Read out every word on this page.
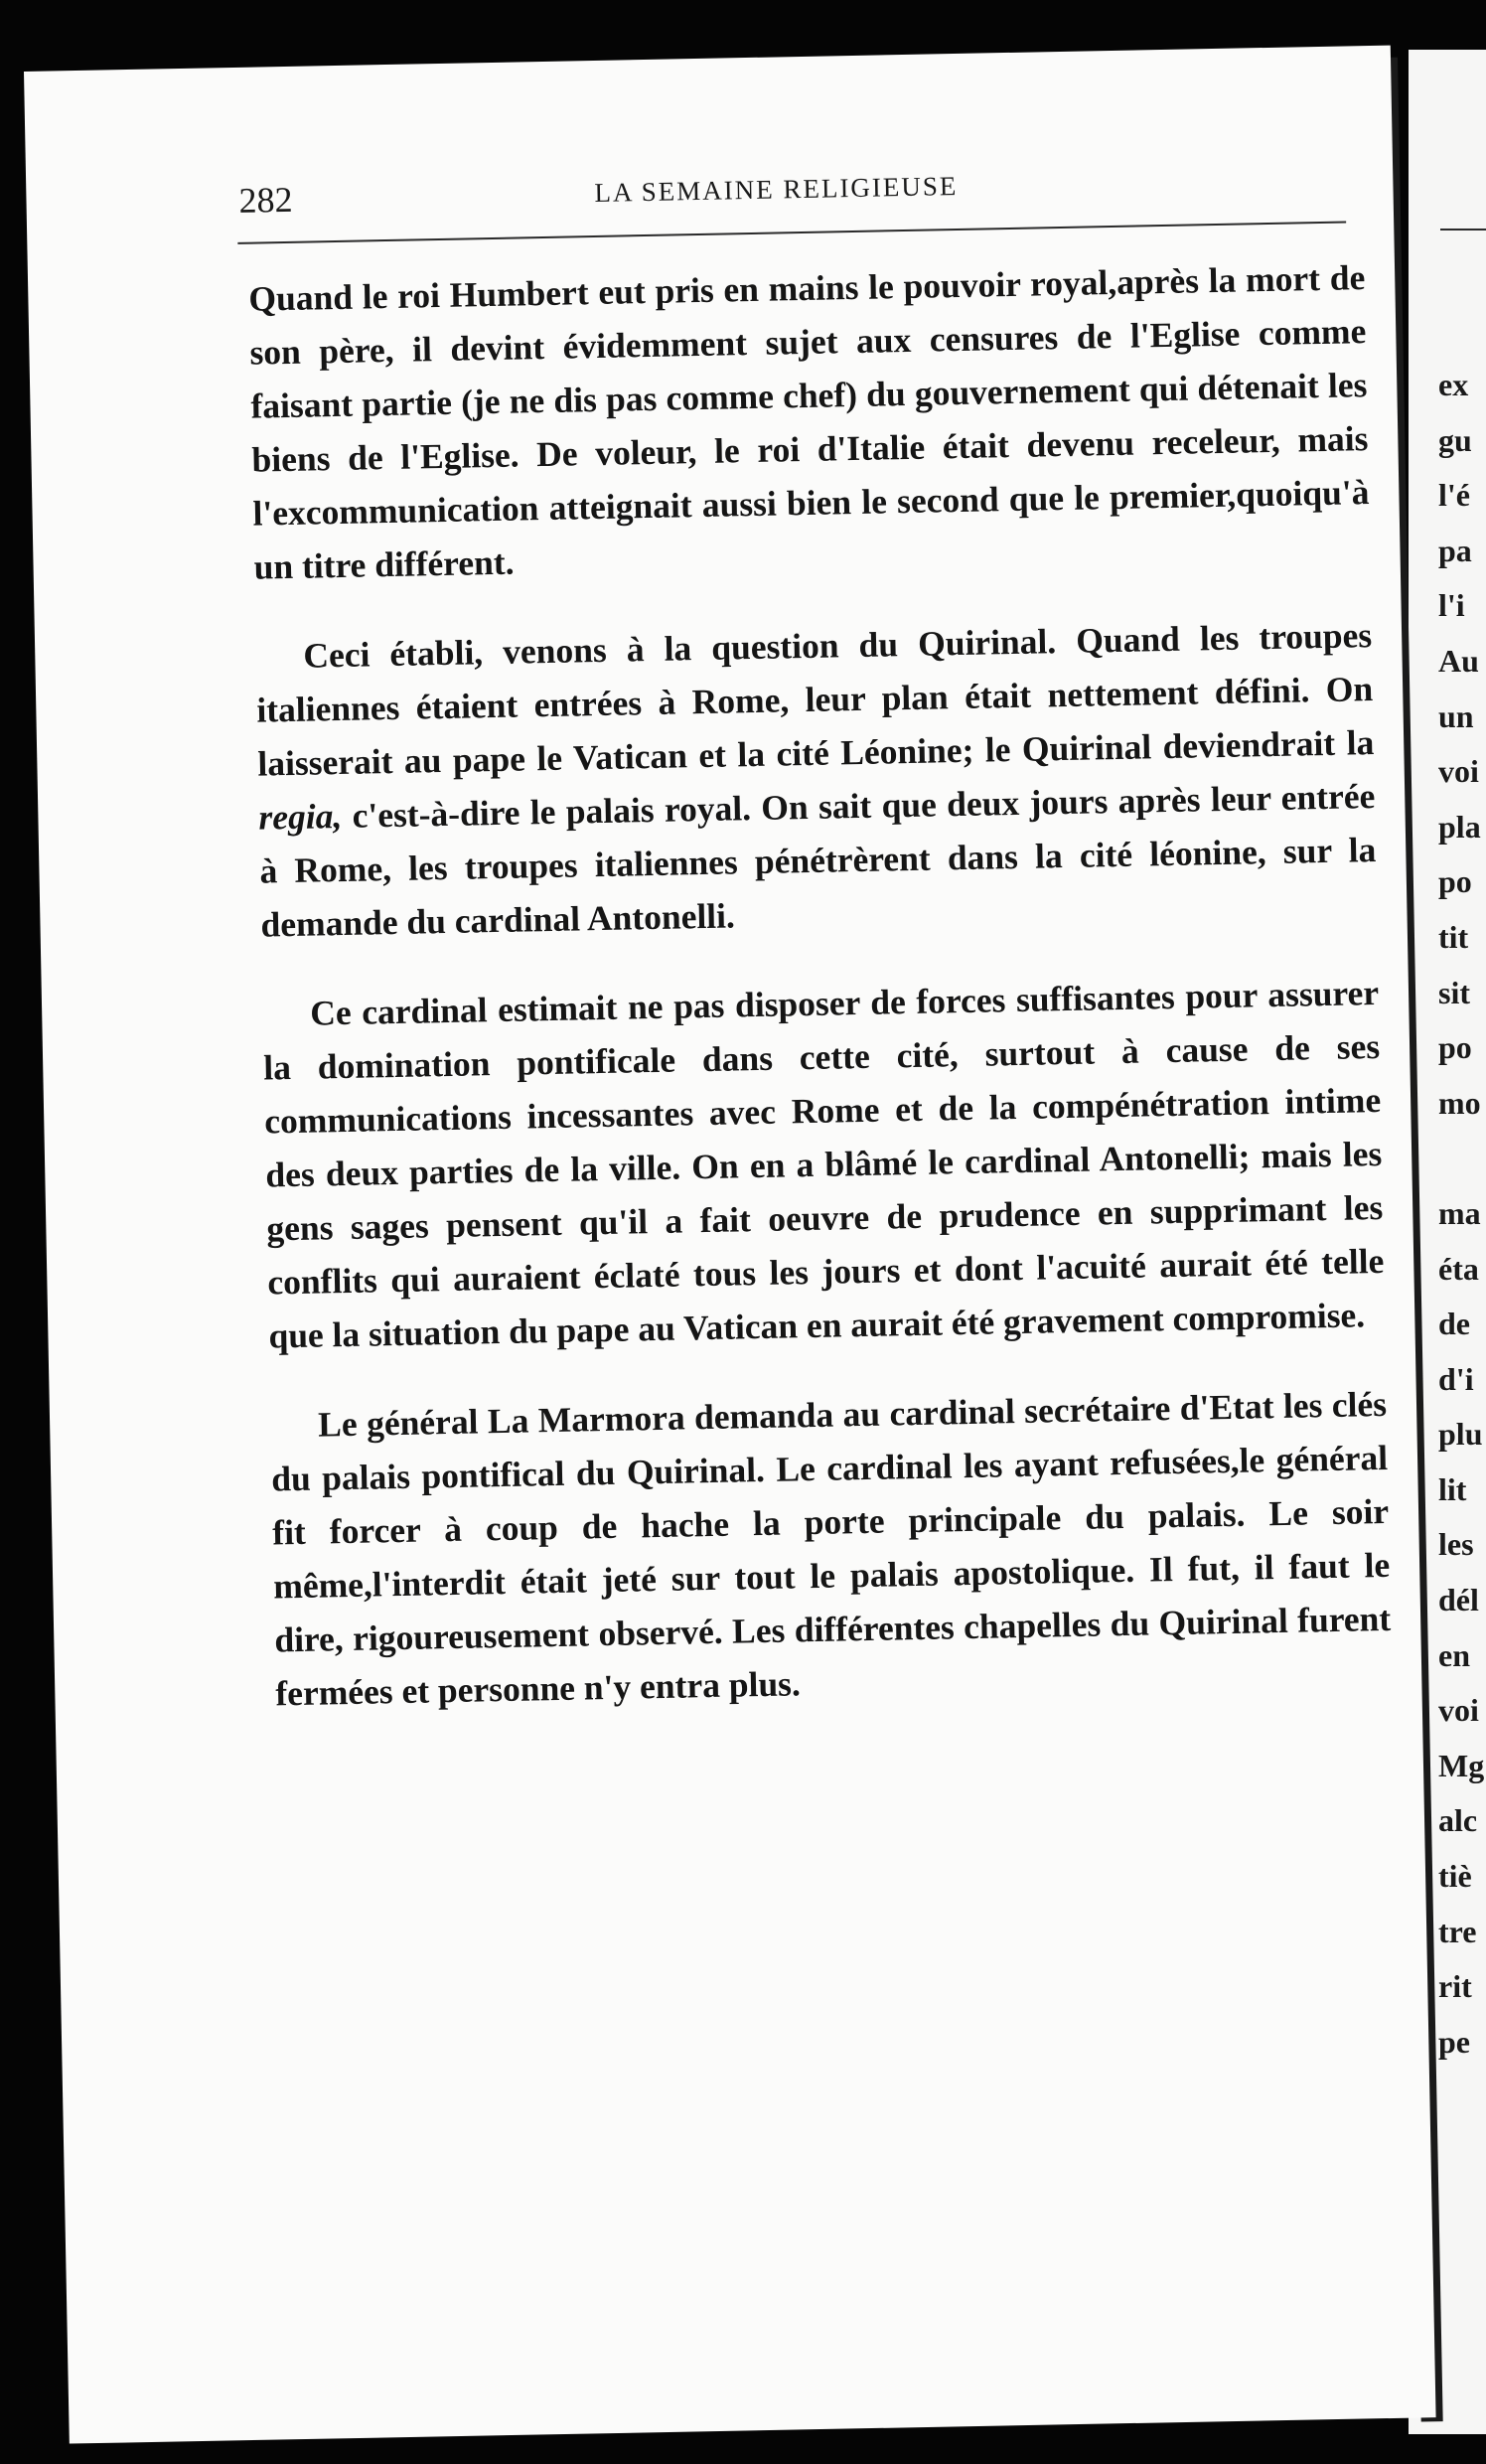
ex
gu
l'é
pa
l'i
Au
un
voi
pla
po
tit
sit
po
mo
ma
éta
de
d'i
plu
lit
les
dél
en
voi
Mg
alc
tiè
tre
rit
pe
282	LA SEMAINE RELIGIEUSE

Quand le roi Humbert eut pris en mains le pouvoir royal,après la mort de son père, il devint évidemment sujet aux censures de l'Eglise comme faisant partie (je ne dis pas comme chef) du gouvernement qui détenait les biens de l'Eglise. De voleur, le roi d'Italie était devenu receleur, mais l'excommunication atteignait aussi bien le second que le premier,quoiqu'à un titre différent.

Ceci établi, venons à la question du Quirinal. Quand les troupes italiennes étaient entrées à Rome, leur plan était nettement défini. On laisserait au pape le Vatican et la cité Léonine; le Quirinal deviendrait la regia, c'est-à-dire le palais royal. On sait que deux jours après leur entrée à Rome, les troupes italiennes pénétrèrent dans la cité léonine, sur la demande du cardinal Antonelli.

Ce cardinal estimait ne pas disposer de forces suffisantes pour assurer la domination pontificale dans cette cité, surtout à cause de ses communications incessantes avec Rome et de la compénétration intime des deux parties de la ville. On en a blâmé le cardinal Antonelli; mais les gens sages pensent qu'il a fait oeuvre de prudence en supprimant les conflits qui auraient éclaté tous les jours et dont l'acuité aurait été telle que la situation du pape au Vatican en aurait été gravement compromise.

Le général La Marmora demanda au cardinal secrétaire d'Etat les clés du palais pontifical du Quirinal. Le cardinal les ayant refusées,le général fit forcer à coup de hache la porte principale du palais. Le soir même,l'interdit était jeté sur tout le palais apostolique. Il fut, il faut le dire, rigoureusement observé. Les différentes chapelles du Quirinal furent fermées et personne n'y entra plus.
